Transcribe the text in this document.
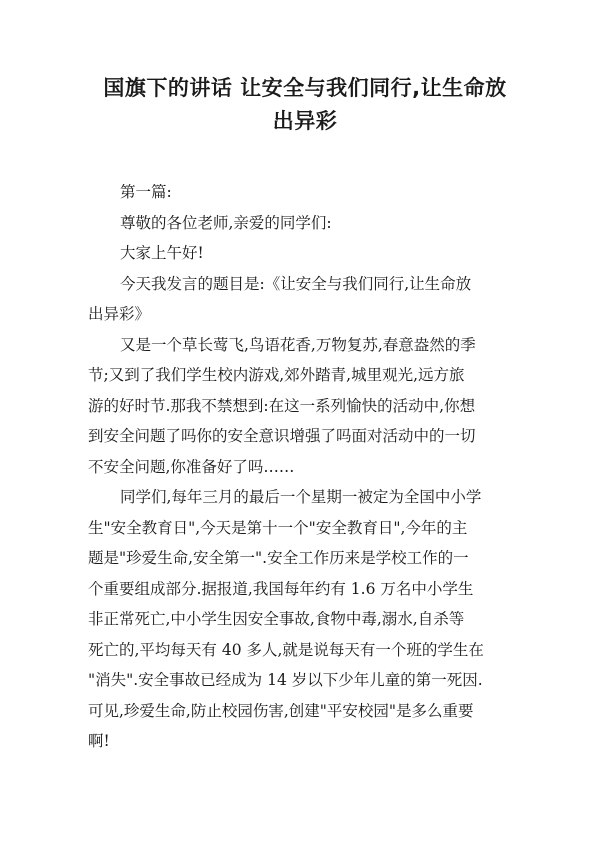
国旗下的讲话 让安全与我们同行,让生命放
出异彩
第一篇:
尊敬的各位老师,亲爱的同学们:
大家上午好!
今天我发言的题目是:《让安全与我们同行,让生命放
出异彩》
又是一个草长莺飞,鸟语花香,万物复苏,春意盎然的季
节;又到了我们学生校内游戏,郊外踏青,城里观光,远方旅
游的好时节.那我不禁想到:在这一系列愉快的活动中,你想
到安全问题了吗你的安全意识增强了吗面对活动中的一切
不安全问题,你准备好了吗……
同学们,每年三月的最后一个星期一被定为全国中小学
生"安全教育日",今天是第十一个"安全教育日",今年的主
题是"珍爱生命,安全第一".安全工作历来是学校工作的一
个重要组成部分.据报道,我国每年约有 1.6 万名中小学生
非正常死亡,中小学生因安全事故,食物中毒,溺水,自杀等
死亡的,平均每天有 40 多人,就是说每天有一个班的学生在
"消失".安全事故已经成为 14 岁以下少年儿童的第一死因.
可见,珍爱生命,防止校园伤害,创建"平安校园"是多么重要
啊!
